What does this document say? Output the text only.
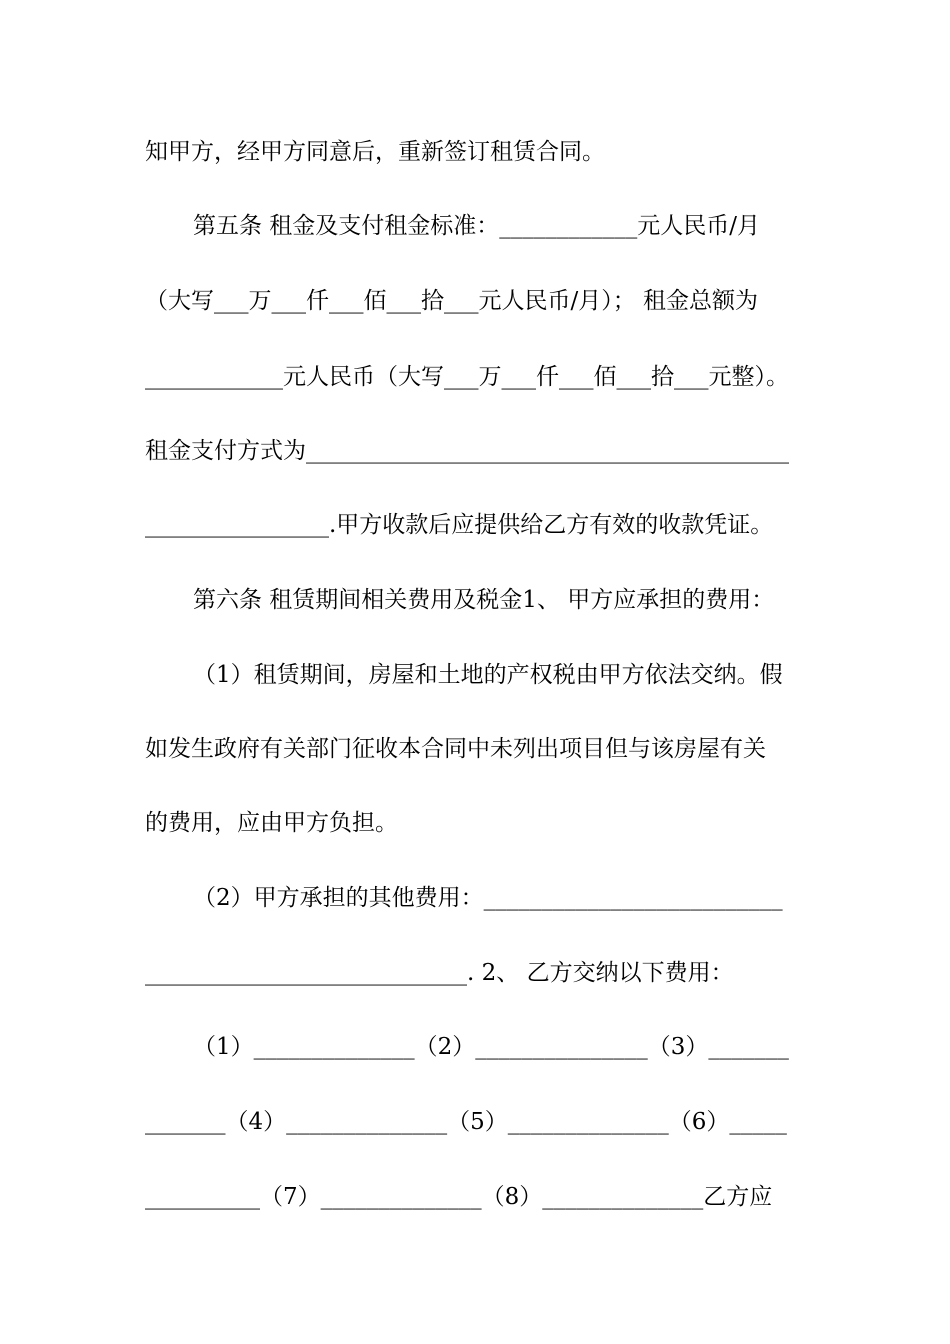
知甲方，经甲方同意后，重新签订租赁合同。
第五条 租金及支付租金标准：____________元人民币/月
（大写___万___仟___佰___拾___元人民币/月）； 租金总额为
____________元人民币（大写___万___仟___佰___拾___元整）。
租金支付方式为__________________________________________
________________.甲方收款后应提供给乙方有效的收款凭证。
第六条 租赁期间相关费用及税金1、 甲方应承担的费用：
（1）租赁期间，房屋和土地的产权税由甲方依法交纳。假
如发生政府有关部门征收本合同中未列出项目但与该房屋有关
的费用，应由甲方负担。
（2）甲方承担的其他费用：__________________________
____________________________. 2、 乙方交纳以下费用：
（1）______________（2）_______________（3）_______
_______（4）______________（5）______________（6）_____
__________（7）______________（8）______________乙方应
